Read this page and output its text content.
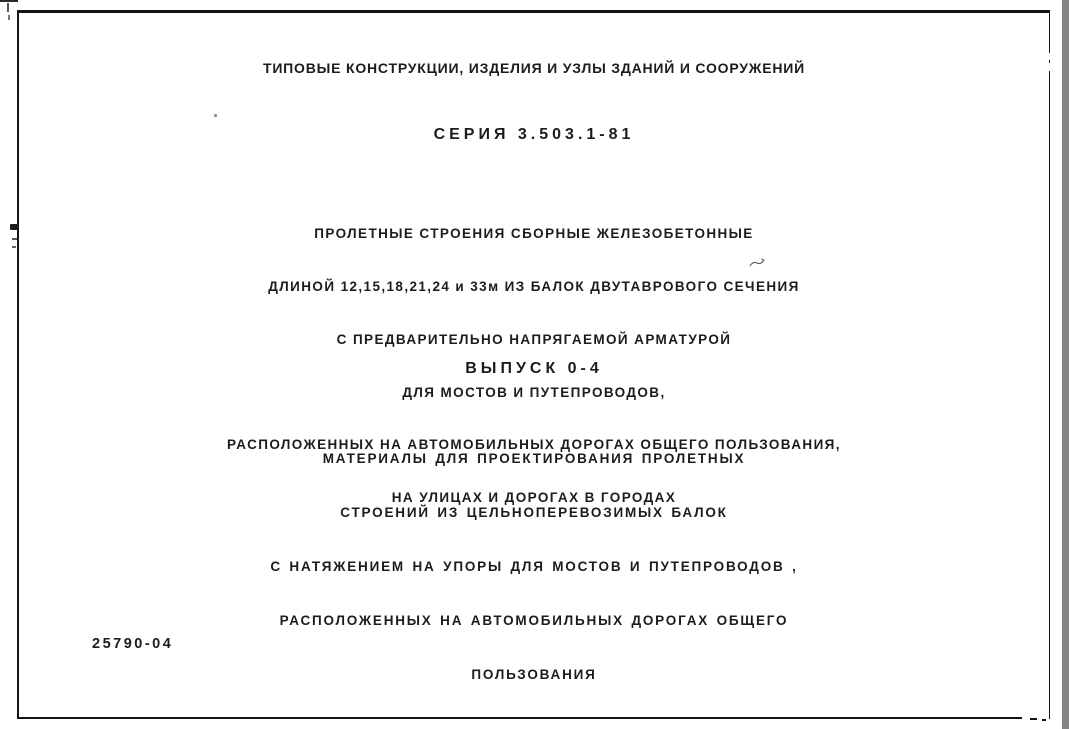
ТИПОВЫЕ КОНСТРУКЦИИ, ИЗДЕЛИЯ И УЗЛЫ ЗДАНИЙ И СООРУЖЕНИЙ
СЕРИЯ 3.503.1-81

ПРОЛЕТНЫЕ СТРОЕНИЯ СБОРНЫЕ ЖЕЛЕЗОБЕТОННЫЕ

ДЛИНОЙ 12,15,18,21,24 и 33м ИЗ БАЛОК ДВУТАВРОВОГО СЕЧЕНИЯ

С ПРЕДВАРИТЕЛЬНО НАПРЯГАЕМОЙ АРМАТУРОЙ

ДЛЯ МОСТОВ И ПУТЕПРОВОДОВ,

РАСПОЛОЖЕННЫХ НА АВТОМОБИЛЬНЫХ ДОРОГАХ ОБЩЕГО ПОЛЬЗОВАНИЯ,

НА УЛИЦАХ И ДОРОГАХ В ГОРОДАХ

ВЫПУСК 0-4

МАТЕРИАЛЫ ДЛЯ ПРОЕКТИРОВАНИЯ ПРОЛЕТНЫХ

СТРОЕНИЙ ИЗ ЦЕЛЬНОПЕРЕВОЗИМЫХ БАЛОК

С НАТЯЖЕНИЕМ НА УПОРЫ ДЛЯ МОСТОВ И ПУТЕПРОВОДОВ ,

РАСПОЛОЖЕННЫХ НА АВТОМОБИЛЬНЫХ ДОРОГАХ ОБЩЕГО

ПОЛЬЗОВАНИЯ

25790-04
